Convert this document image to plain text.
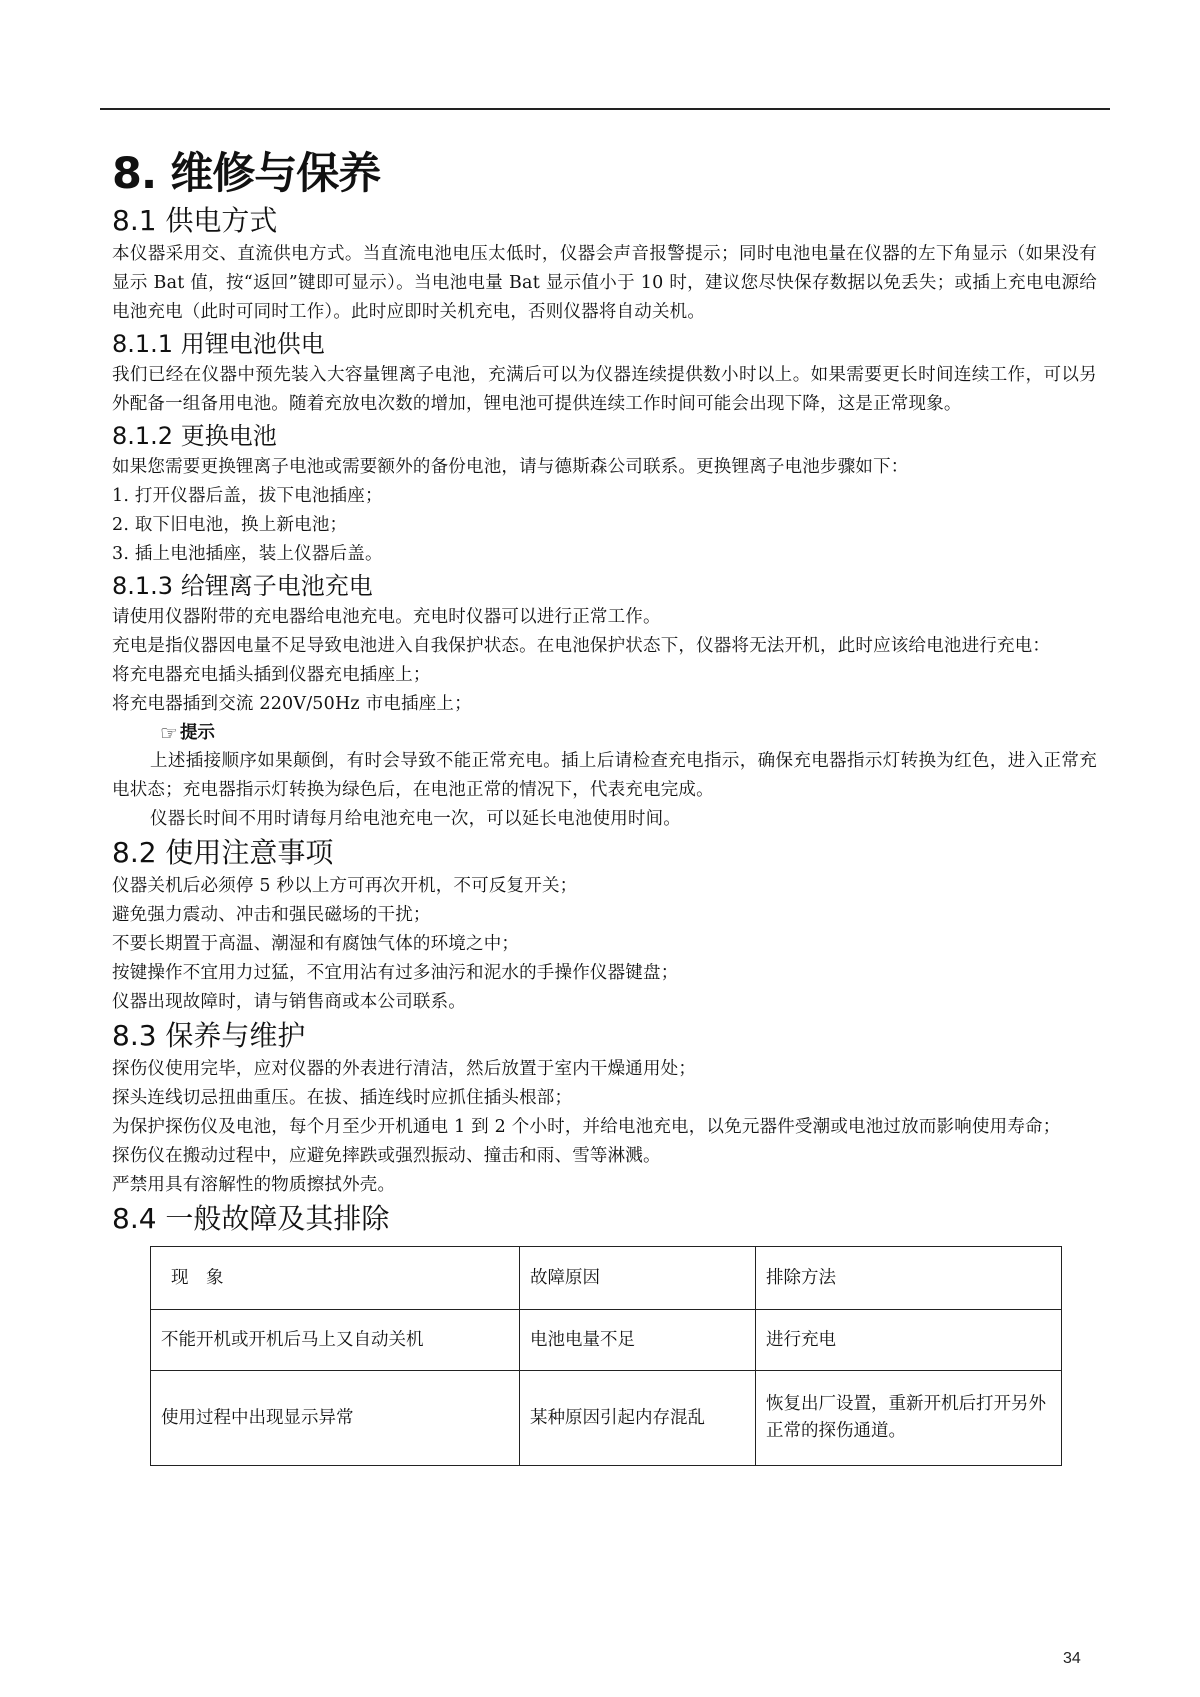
8. 维修与保养
8.1 供电方式

本仪器采用交、直流供电方式。当直流电池电压太低时，仪器会声音报警提示；同时电池电量在仪器的左下角显示（如果没有显示 Bat 值，按“返回”键即可显示）。当电池电量 Bat 显示值小于 10 时，建议您尽快保存数据以免丢失；或插上充电电源给电池充电（此时可同时工作）。此时应即时关机充电，否则仪器将自动关机。

8.1.1 用锂电池供电

我们已经在仪器中预先装入大容量锂离子电池，充满后可以为仪器连续提供数小时以上。如果需要更长时间连续工作，可以另外配备一组备用电池。随着充放电次数的增加，锂电池可提供连续工作时间可能会出现下降，这是正常现象。

8.1.2 更换电池

如果您需要更换锂离子电池或需要额外的备份电池，请与德斯森公司联系。更换锂离子电池步骤如下：

1. 打开仪器后盖，拔下电池插座；

2. 取下旧电池，换上新电池；

3. 插上电池插座，装上仪器后盖。

8.1.3 给锂离子电池充电

请使用仪器附带的充电器给电池充电。充电时仪器可以进行正常工作。

充电是指仪器因电量不足导致电池进入自我保护状态。在电池保护状态下，仪器将无法开机，此时应该给电池进行充电：

将充电器充电插头插到仪器充电插座上；

将充电器插到交流 220V/50Hz 市电插座上；

☞ 提示

上述插接顺序如果颠倒，有时会导致不能正常充电。插上后请检查充电指示，确保充电器指示灯转换为红色，进入正常充电状态；充电器指示灯转换为绿色后，在电池正常的情况下，代表充电完成。

仪器长时间不用时请每月给电池充电一次，可以延长电池使用时间。

8.2 使用注意事项

仪器关机后必须停 5 秒以上方可再次开机，不可反复开关；

避免强力震动、冲击和强民磁场的干扰；

不要长期置于高温、潮湿和有腐蚀气体的环境之中；

按键操作不宜用力过猛，不宜用沾有过多油污和泥水的手操作仪器键盘；

仪器出现故障时，请与销售商或本公司联系。

8.3 保养与维护

探伤仪使用完毕，应对仪器的外表进行清洁，然后放置于室内干燥通用处；

探头连线切忌扭曲重压。在拔、插连线时应抓住插头根部；

为保护探伤仪及电池，每个月至少开机通电 1 到 2 个小时，并给电池充电，以免元器件受潮或电池过放而影响使用寿命；

探伤仪在搬动过程中，应避免摔跌或强烈振动、撞击和雨、雪等淋溅。

严禁用具有溶解性的物质擦拭外壳。

8.4 一般故障及其排除
现　象	故障原因	排除方法
不能开机或开机后马上又自动关机	电池电量不足	进行充电
使用过程中出现显示异常	某种原因引起内存混乱	恢复出厂设置，重新开机后打开另外正常的探伤通道。
34
